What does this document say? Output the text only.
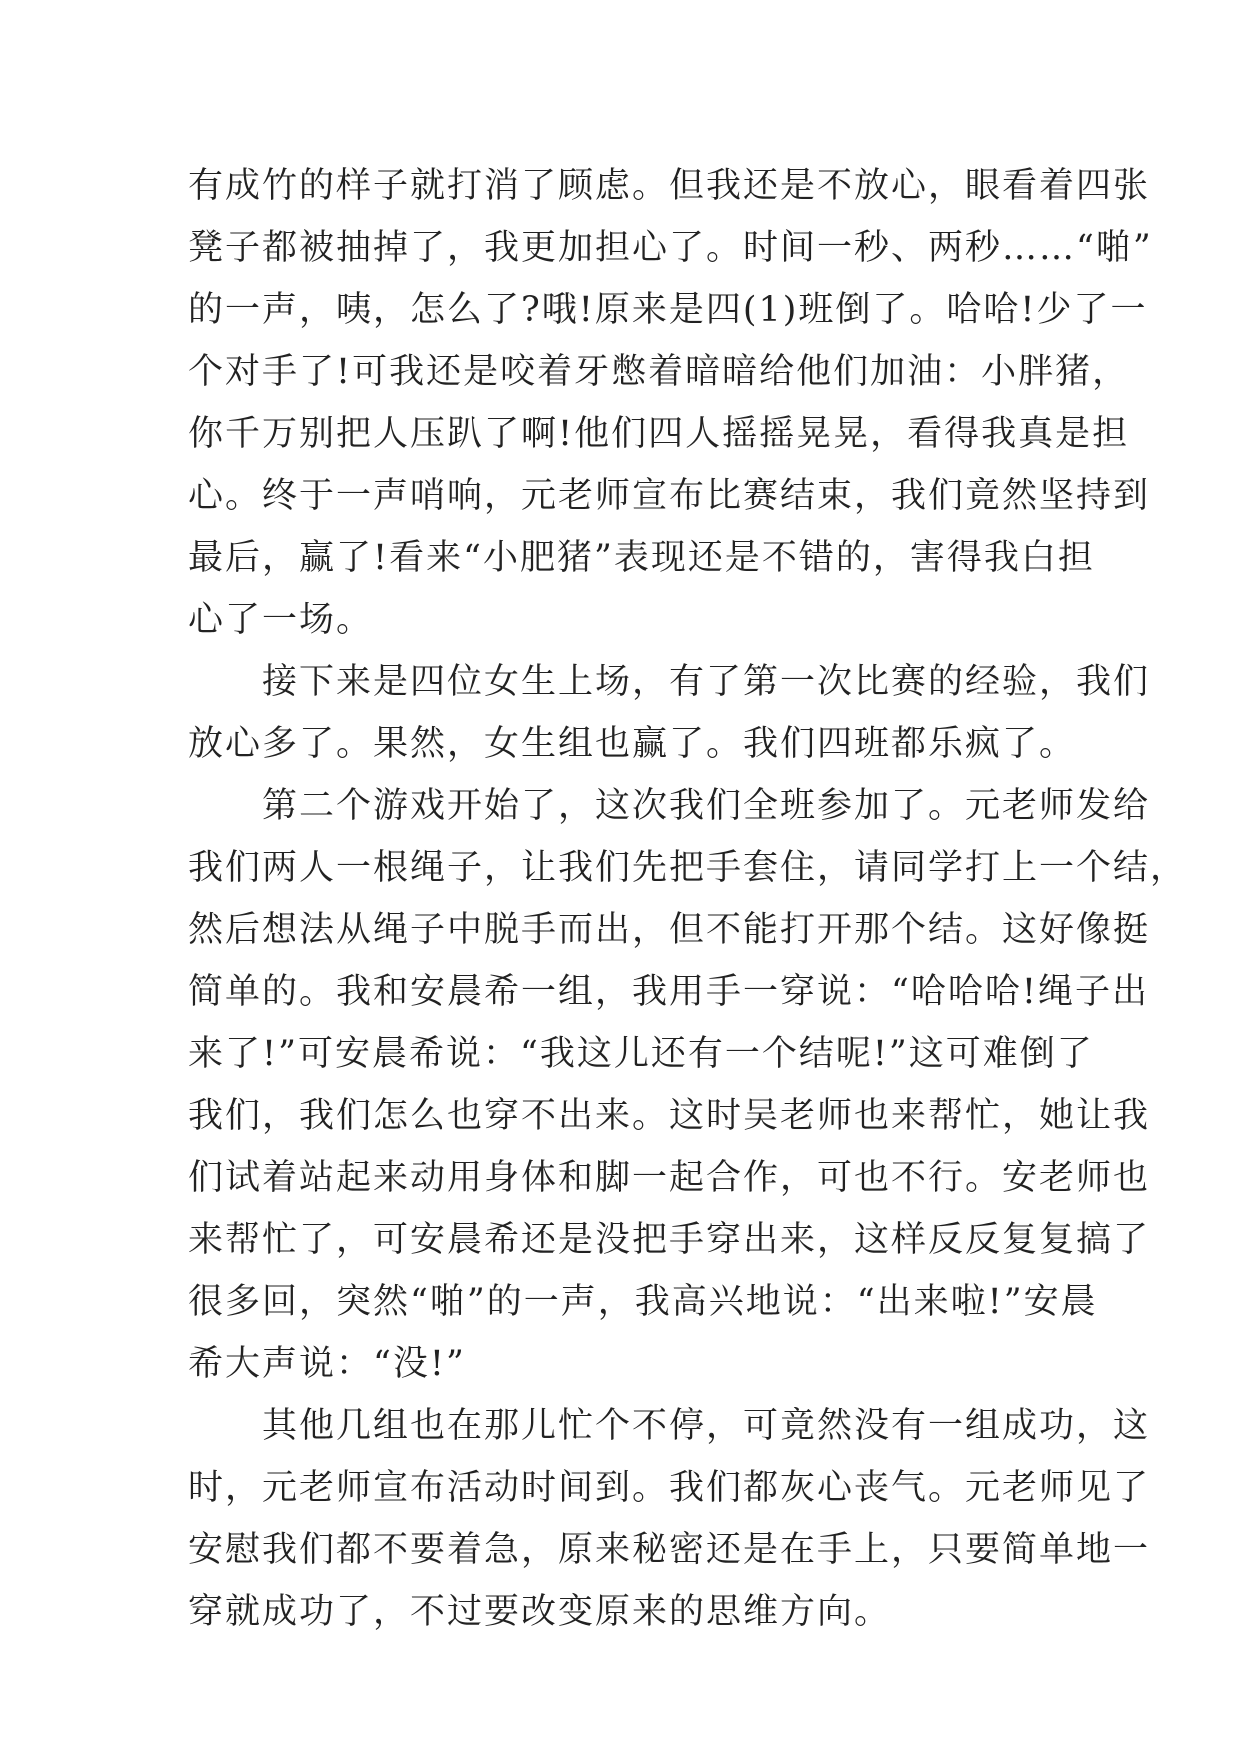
有成竹的样子就打消了顾虑。但我还是不放心，眼看着四张
凳子都被抽掉了，我更加担心了。时间一秒、两秒……“啪”
的一声，咦，怎么了?哦!原来是四(1)班倒了。哈哈!少了一
个对手了!可我还是咬着牙憋着暗暗给他们加油：小胖猪，
你千万别把人压趴了啊!他们四人摇摇晃晃，看得我真是担
心。终于一声哨响，元老师宣布比赛结束，我们竟然坚持到
最后，赢了!看来“小肥猪”表现还是不错的，害得我白担
心了一场。
　　接下来是四位女生上场，有了第一次比赛的经验，我们
放心多了。果然，女生组也赢了。我们四班都乐疯了。
　　第二个游戏开始了，这次我们全班参加了。元老师发给
我们两人一根绳子，让我们先把手套住，请同学打上一个结，
然后想法从绳子中脱手而出，但不能打开那个结。这好像挺
简单的。我和安晨希一组，我用手一穿说：“哈哈哈!绳子出
来了!”可安晨希说：“我这儿还有一个结呢!”这可难倒了
我们，我们怎么也穿不出来。这时吴老师也来帮忙，她让我
们试着站起来动用身体和脚一起合作，可也不行。安老师也
来帮忙了，可安晨希还是没把手穿出来，这样反反复复搞了
很多回，突然“啪”的一声，我高兴地说：“出来啦!”安晨
希大声说：“没!”
　　其他几组也在那儿忙个不停，可竟然没有一组成功，这
时，元老师宣布活动时间到。我们都灰心丧气。元老师见了
安慰我们都不要着急，原来秘密还是在手上，只要简单地一
穿就成功了，不过要改变原来的思维方向。
